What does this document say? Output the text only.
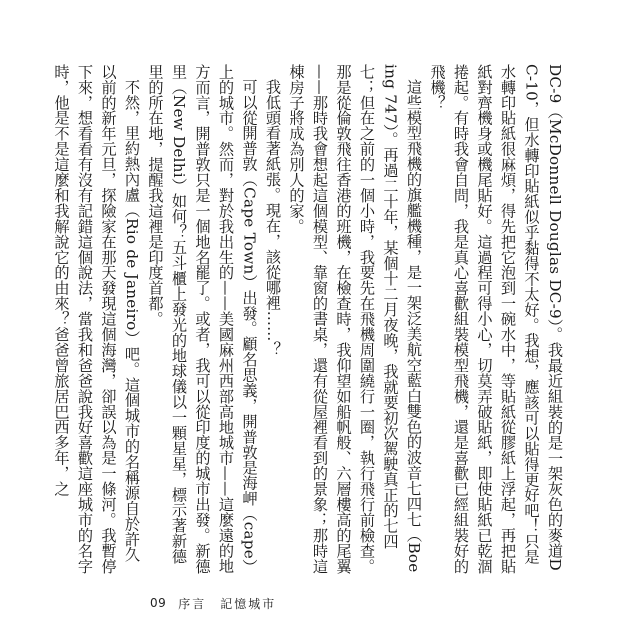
DC-9（McDonnell Douglas DC-9）。我最近組裝的是一架灰色的麥道DC-10，但水轉印貼紙似乎黏得不太好。我想，應該可以貼得更好吧！只是水轉印貼紙很麻煩，得先把它泡到一碗水中，等貼紙從膠紙上浮起，再把貼紙對齊機身或機尾貼好。這過程可得小心，切莫弄破貼紙，即使貼紙已乾涸捲起。有時我會自問，我是真心喜歡組裝模型飛機，還是喜歡已經組裝好的飛機？

這些模型飛機的旗艦機種，是一架泛美航空藍白雙色的波音七四七（Boeing 747）。再過二十年，某個十二月夜晚，我就要初次駕駛真正的七四七；但在之前的一個小時，我要先在飛機周圍繞行一圈，執行飛行前檢查。那是從倫敦飛往香港的班機，在檢查時，我仰望如船帆般、六層樓高的尾翼——那時我會想起這個模型、靠窗的書桌，還有從屋裡看到的景象；那時這棟房子將成為別人的家。

我低頭看著紙張。現在，該從哪裡……？

可以從開普敦（Cape Town）出發。顧名思義，開普敦是海岬（cape）上的城市。然而，對於我出生的——美國麻州西部高地城市——這麼遠的地方而言，開普敦只是一個地名罷了。或者，我可以從印度的城市出發。新德里（New Delhi）如何？五斗櫃上發光的地球儀以一顆星星，標示著新德里的所在地，提醒我這裡是印度首都。

不然，里約熱內盧（Rio de Janeiro）吧。這個城市的名稱源自於許久以前的新年元旦，探險家在那天發現這個海灣，卻誤以為是一條河。我暫停下來，想看看有沒有記錯這個說法，當我和爸爸說我好喜歡這座城市的名字時，他是不是這麼和我解說它的由來？爸爸曾旅居巴西多年，之

09 序言　記憶城市
